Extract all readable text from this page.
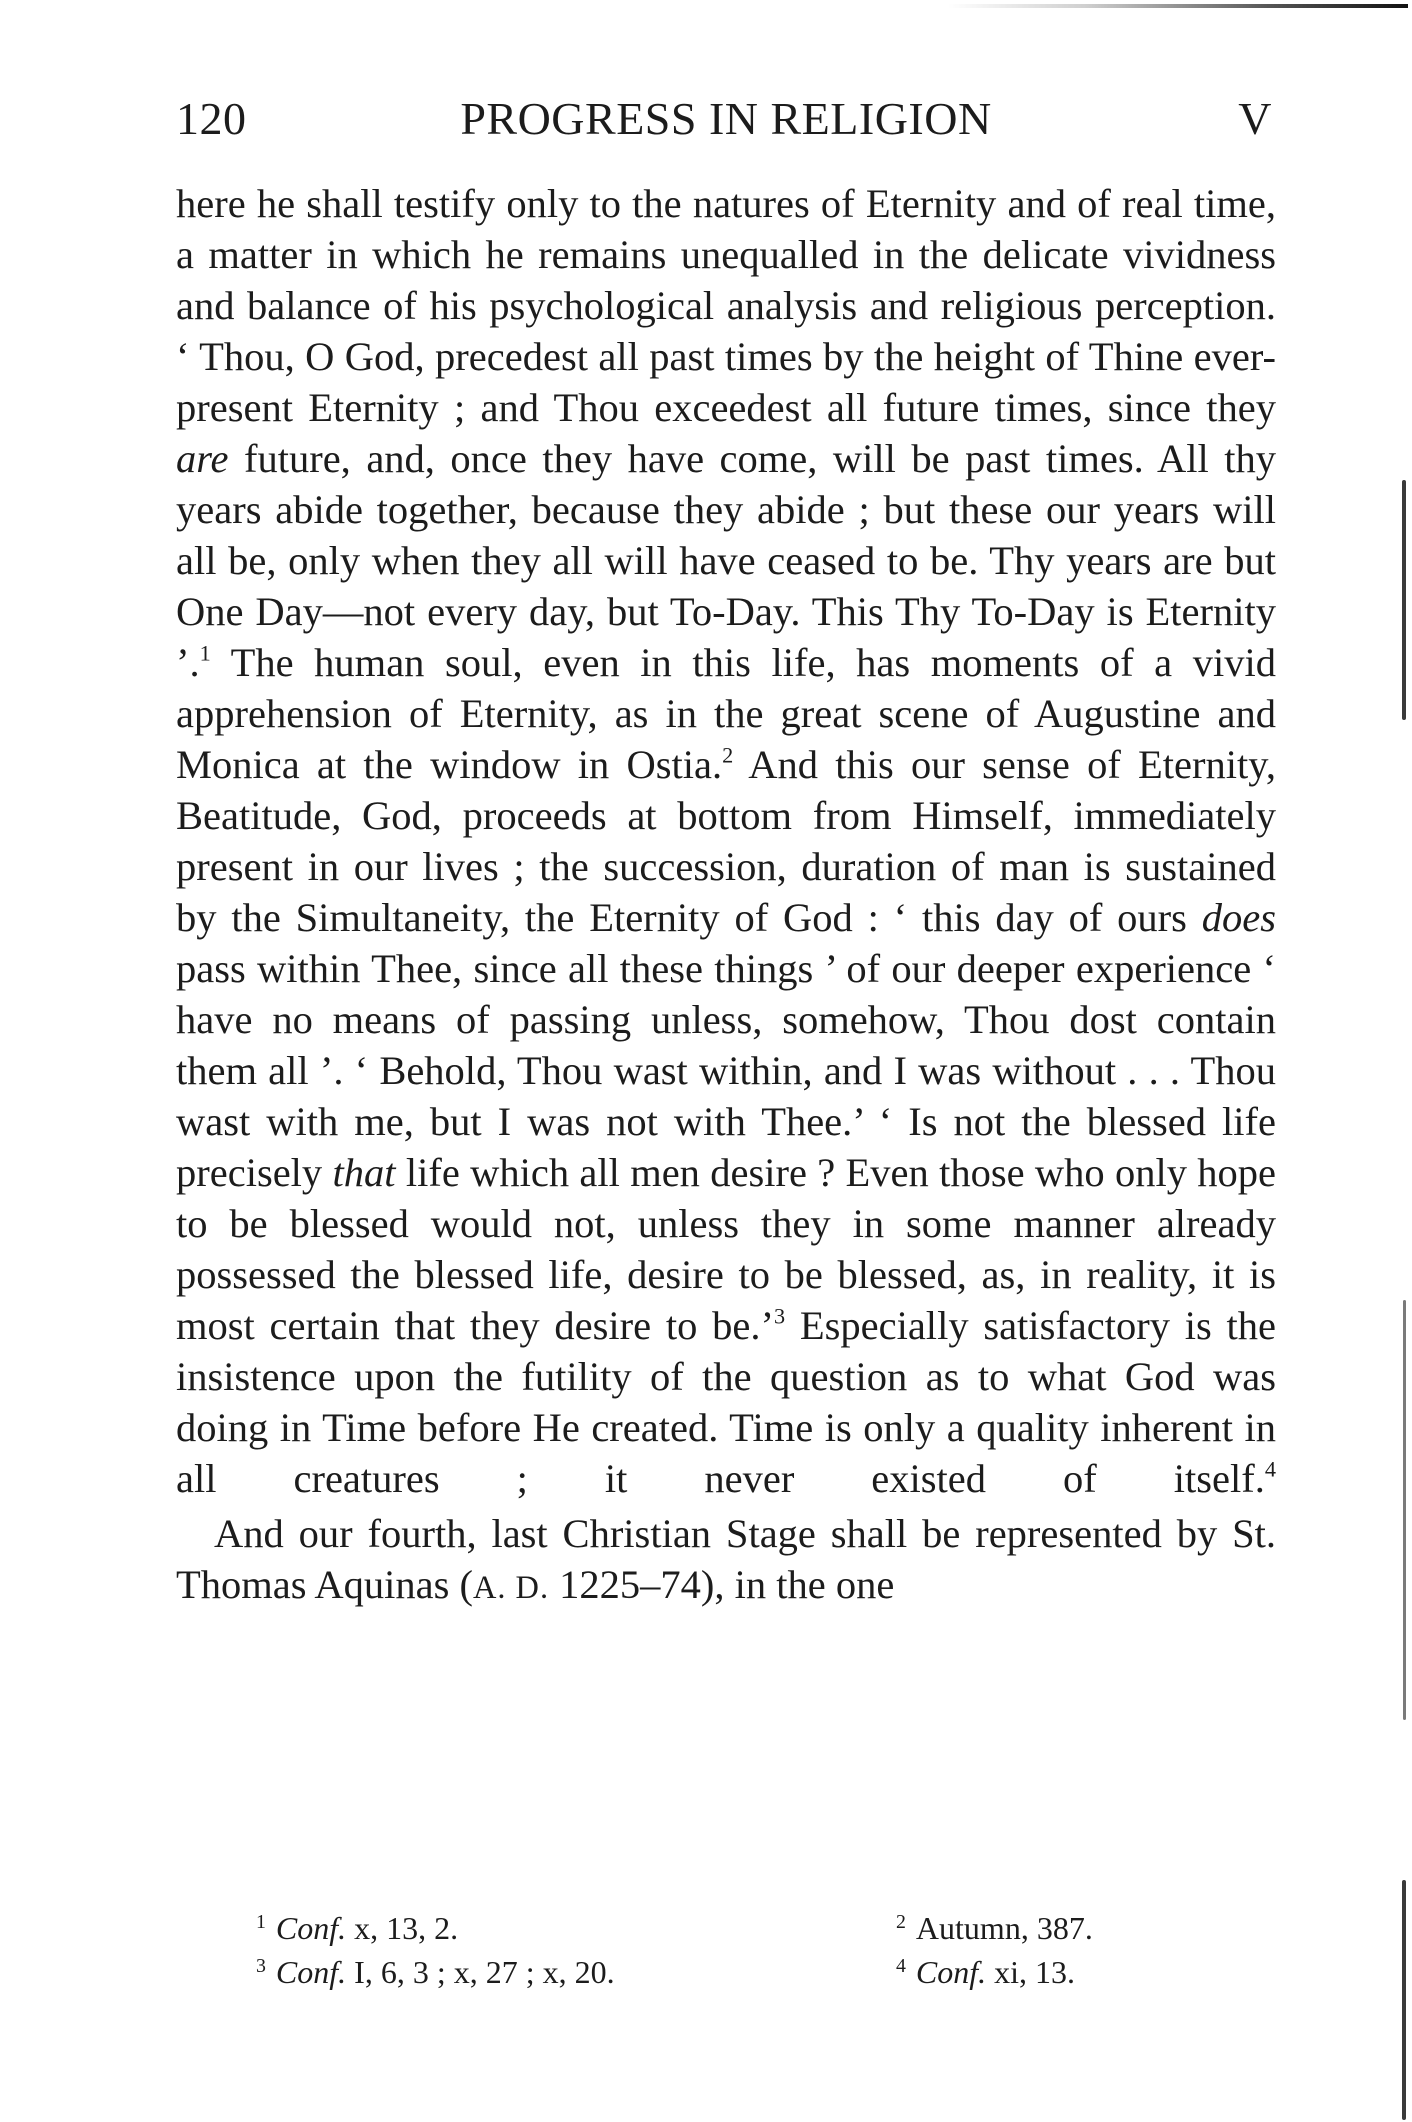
120	PROGRESS IN RELIGION	V

here he shall testify only to the natures of Eternity and of real time, a matter in which he remains unequalled in the delicate vividness and balance of his psychological analysis and religious perception. ‘ Thou, O God, precedest all past times by the height of Thine ever-present Eternity ; and Thou exceedest all future times, since they are future, and, once they have come, will be past times. All thy years abide together, because they abide ; but these our years will all be, only when they all will have ceased to be. Thy years are but One Day—not every day, but To-Day. This Thy To-Day is Eternity ’.$^1$ The human soul, even in this life, has moments of a vivid apprehension of Eternity, as in the great scene of Augustine and Monica at the window in Ostia.$^2$ And this our sense of Eternity, Beatitude, God, proceeds at bottom from Himself, immediately present in our lives ; the succession, duration of man is sustained by the Simultaneity, the Eternity of God : ‘ this day of ours does pass within Thee, since all these things ’ of our deeper experience ‘ have no means of passing unless, somehow, Thou dost contain them all ’. ‘ Behold, Thou wast within, and I was without . . . Thou wast with me, but I was not with Thee.’ ‘ Is not the blessed life precisely that life which all men desire ? Even those who only hope to be blessed would not, unless they in some manner already possessed the blessed life, desire to be blessed, as, in reality, it is most certain that they desire to be.’$^3$ Especially satisfactory is the insistence upon the futility of the question as to what God was doing in Time before He created. Time is only a quality inherent in all creatures ; it never existed of itself.$^4$

And our fourth, last Christian Stage shall be represented by St. Thomas Aquinas (A. D. 1225–74), in the one

$^1$ Conf. x, 13, 2.	$^2$ Autumn, 387.
$^3$ Conf. I, 6, 3 ; x, 27 ; x, 20.	$^4$ Conf. xi, 13.
